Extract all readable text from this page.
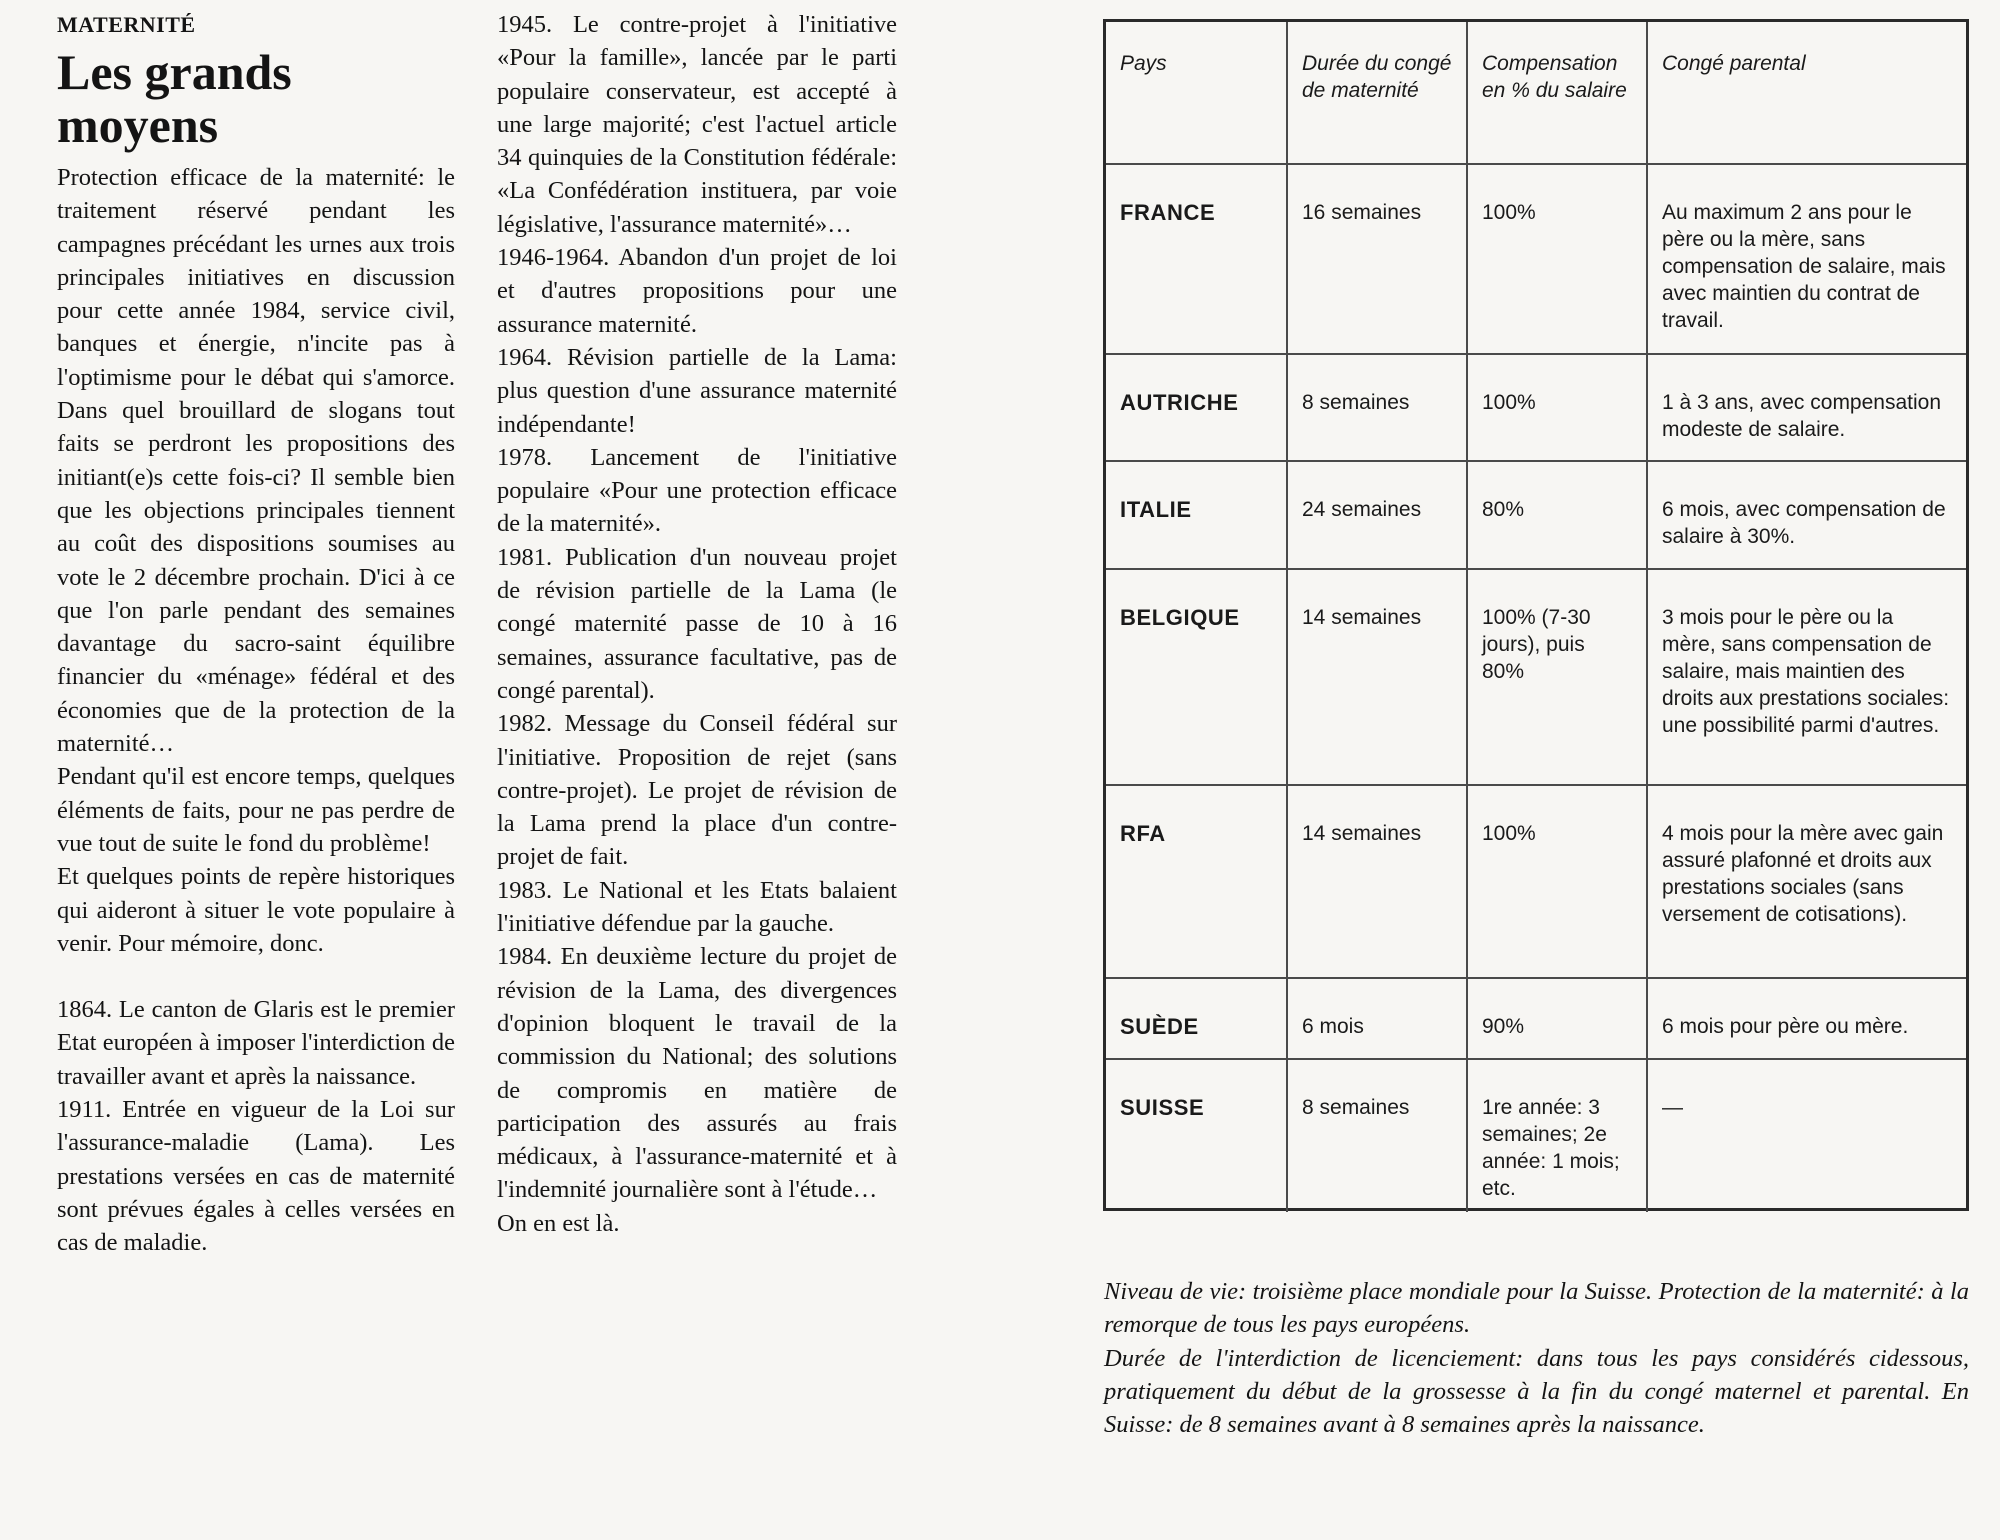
MATERNITÉ
Les grands
moyens

Protection efficace de la maternité: le traitement réservé pendant les campagnes précédant les urnes aux trois principales initiatives en discussion pour cette année 1984, service civil, banques et énergie, n'incite pas à l'optimisme pour le débat qui s'amorce. Dans quel brouillard de slogans tout faits se perdront les propositions des initiant(e)s cette fois-ci? Il semble bien que les objections principales tiennent au coût des dispositions soumises au vote le 2 décembre prochain. D'ici à ce que l'on parle pendant des semaines davantage du sacro-saint équilibre financier du «ménage» fédéral et des économies que de la protection de la maternité…

Pendant qu'il est encore temps, quelques éléments de faits, pour ne pas perdre de vue tout de suite le fond du problème!

Et quelques points de repère historiques qui aideront à situer le vote populaire à venir. Pour mémoire, donc.

1864. Le canton de Glaris est le premier Etat européen à imposer l'interdiction de travailler avant et après la naissance.

1911. Entrée en vigueur de la Loi sur l'assurance-maladie (Lama). Les prestations versées en cas de maternité sont prévues égales à celles versées en cas de maladie.

1945. Le contre-projet à l'initiative «Pour la famille», lancée par le parti populaire conservateur, est accepté à une large majorité; c'est l'actuel article 34 quinquies de la Constitution fédérale: «La Confédération instituera, par voie législative, l'assurance maternité»…

1946-1964. Abandon d'un projet de loi et d'autres propositions pour une assurance maternité.

1964. Révision partielle de la Lama: plus question d'une assurance maternité indépendante!

1978. Lancement de l'initiative populaire «Pour une protection efficace de la maternité».

1981. Publication d'un nouveau projet de révision partielle de la Lama (le congé maternité passe de 10 à 16 semaines, assurance facultative, pas de congé parental).

1982. Message du Conseil fédéral sur l'initiative. Proposition de rejet (sans contre-projet). Le projet de révision de la Lama prend la place d'un contre-projet de fait.

1983. Le National et les Etats balaient l'initiative défendue par la gauche.

1984. En deuxième lecture du projet de révision de la Lama, des divergences d'opinion bloquent le travail de la commission du National; des solutions de compromis en matière de participation des assurés au frais médicaux, à l'assurance-maternité et à l'indemnité journalière sont à l'étude…

On en est là.

Pays	Durée du congé de maternité	Compensation en % du salaire	Congé parental
FRANCE	16 semaines	100%	Au maximum 2 ans pour le père ou la mère, sans compensation de salaire, mais avec maintien du contrat de travail.
AUTRICHE	8 semaines	100%	1 à 3 ans, avec compensation modeste de salaire.
ITALIE	24 semaines	80%	6 mois, avec compensation de salaire à 30%.
BELGIQUE	14 semaines	100% (7-30 jours), puis 80%	3 mois pour le père ou la mère, sans compensation de salaire, mais maintien des droits aux prestations sociales: une possibilité parmi d'autres.
RFA	14 semaines	100%	4 mois pour la mère avec gain assuré plafonné et droits aux prestations sociales (sans versement de cotisations).
SUÈDE	6 mois	90%	6 mois pour père ou mère.
SUISSE	8 semaines	1re année: 3 semaines; 2e année: 1 mois; etc.	—

Niveau de vie: troisième place mondiale pour la Suisse. Protection de la maternité: à la remorque de tous les pays européens.

Durée de l'interdiction de licenciement: dans tous les pays considérés cidessous, pratiquement du début de la grossesse à la fin du congé maternel et parental. En Suisse: de 8 semaines avant à 8 semaines après la naissance.
